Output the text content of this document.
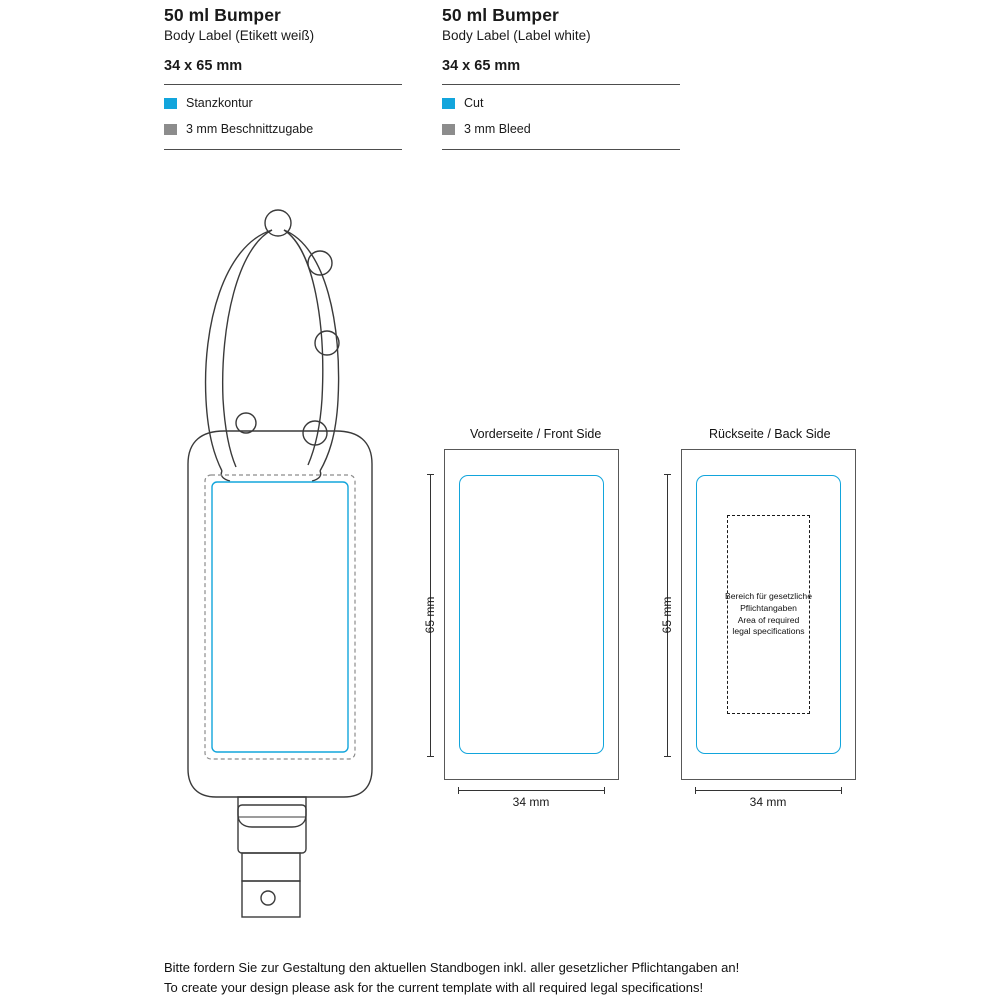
50 ml Bumper
Body Label (Etikett weiß)
34 x 65 mm
Stanzkontur
3 mm Beschnittzugabe
50 ml Bumper
Body Label (Label white)
34 x 65 mm
Cut
3 mm Bleed
Vorderseite / Front Side
65 mm
34 mm
Rückseite / Back Side
Bereich für gesetzliche
Pflichtangaben
Area of required
legal specifications
65 mm
34 mm
Bitte fordern Sie zur Gestaltung den aktuellen Standbogen inkl. aller gesetzlicher Pflichtangaben an!
To create your design please ask for the current template with all required legal specifications!
